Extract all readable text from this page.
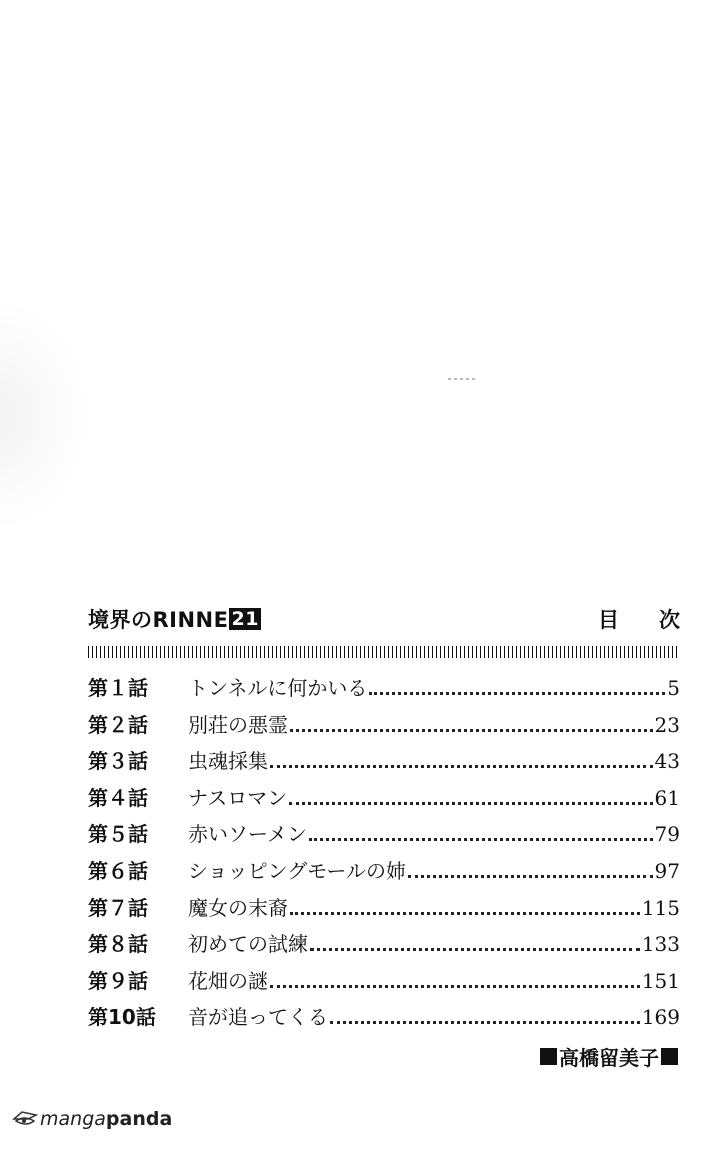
境界のRINNE 21	目 次
第１話	トンネルに何かいる	5
第２話	別荘の悪霊	23
第３話	虫魂採集	43
第４話	ナスロマン	61
第５話	赤いソーメン	79
第６話	ショッピングモールの姉	97
第７話	魔女の末裔	115
第８話	初めての試練	133
第９話	花畑の謎	151
第10話	音が追ってくる	169
高橋留美子
manga panda
